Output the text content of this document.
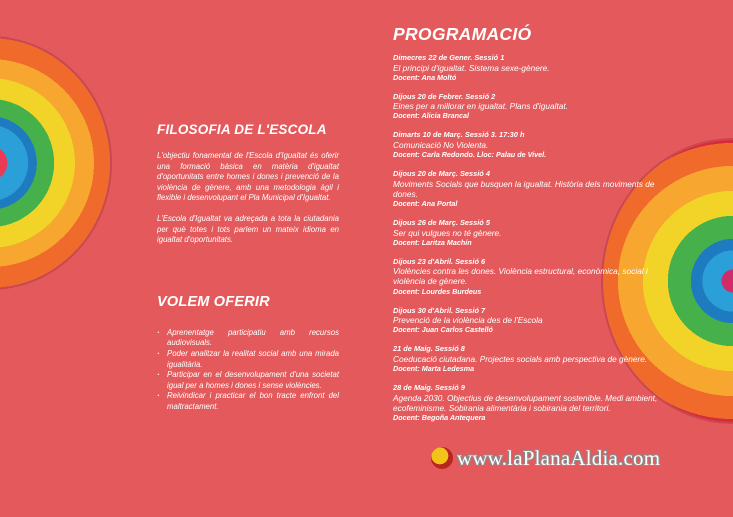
FILOSOFIA DE L'ESCOLA

L'objectiu fonamental de l'Escola d'Igualtat és oferir una formació bàsica en matèria d'igualtat d'oportunitats entre homes i dones i prevenció de la violència de gènere, amb una metodologia àgil i flexible i desenvolupant el Pla Municipal d'Igualtat.

L'Escola d'Igualtat va adreçada a tota la ciutadania per què totes i tots parlem un mateix idioma en igualtat d'oportunitats.

VOLEM OFERIR
· Aprenentatge participatiu amb recursos audiovisuals.
· Poder analitzar la realitat social amb una mirada igualitària.
· Participar en el desenvolupament d'una societat igual per a homes i dones i sense violències.
· Reivindicar i practicar el bon tracte enfront del maltractament.
PROGRAMACIÓ
Dimecres 22 de Gener. Sessió 1
El principi d'igualtat. Sistema sexe-gènere.
Docent: Ana Moltó
Dijous 20 de Febrer. Sessió 2
Eines per a millorar en igualtat. Plans d'igualtat.
Docent: Alicia Brancal
Dimarts 10 de Març. Sessió 3. 17:30 h
Comunicació No Violenta.
Docent: Carla Redondo. Lloc: Palau de Vivel.
Dijous 20 de Març. Sessió 4
Moviments Socials que busquen la igualtat. Història dels moviments de dones.
Docent: Ana Portal
Dijous 26 de Març. Sessió 5
Ser qui vulgues no té gènere.
Docent: Laritza Machín
Dijous 23 d'Abril. Sessió 6
Violències contra les dones. Violència estructural, econòmica, social i violència de gènere.
Docent: Lourdes Burdeus
Dijous 30 d'Abril. Sessió 7
Prevenció de la violència des de l'Escola
Docent: Juan Carlos Castelló
21 de Maig. Sessió 8
Coeducació ciutadana. Projectes socials amb perspectiva de gènere.
Docent: Marta Ledesma
28 de Maig. Sessió 9
Agenda 2030. Objectius de desenvolupament sostenible. Medi ambient, ecofeminisme. Sobirania alimentària i sobirania del territori.
Docent: Begoña Antequera
www.laPlanaAldia.com
